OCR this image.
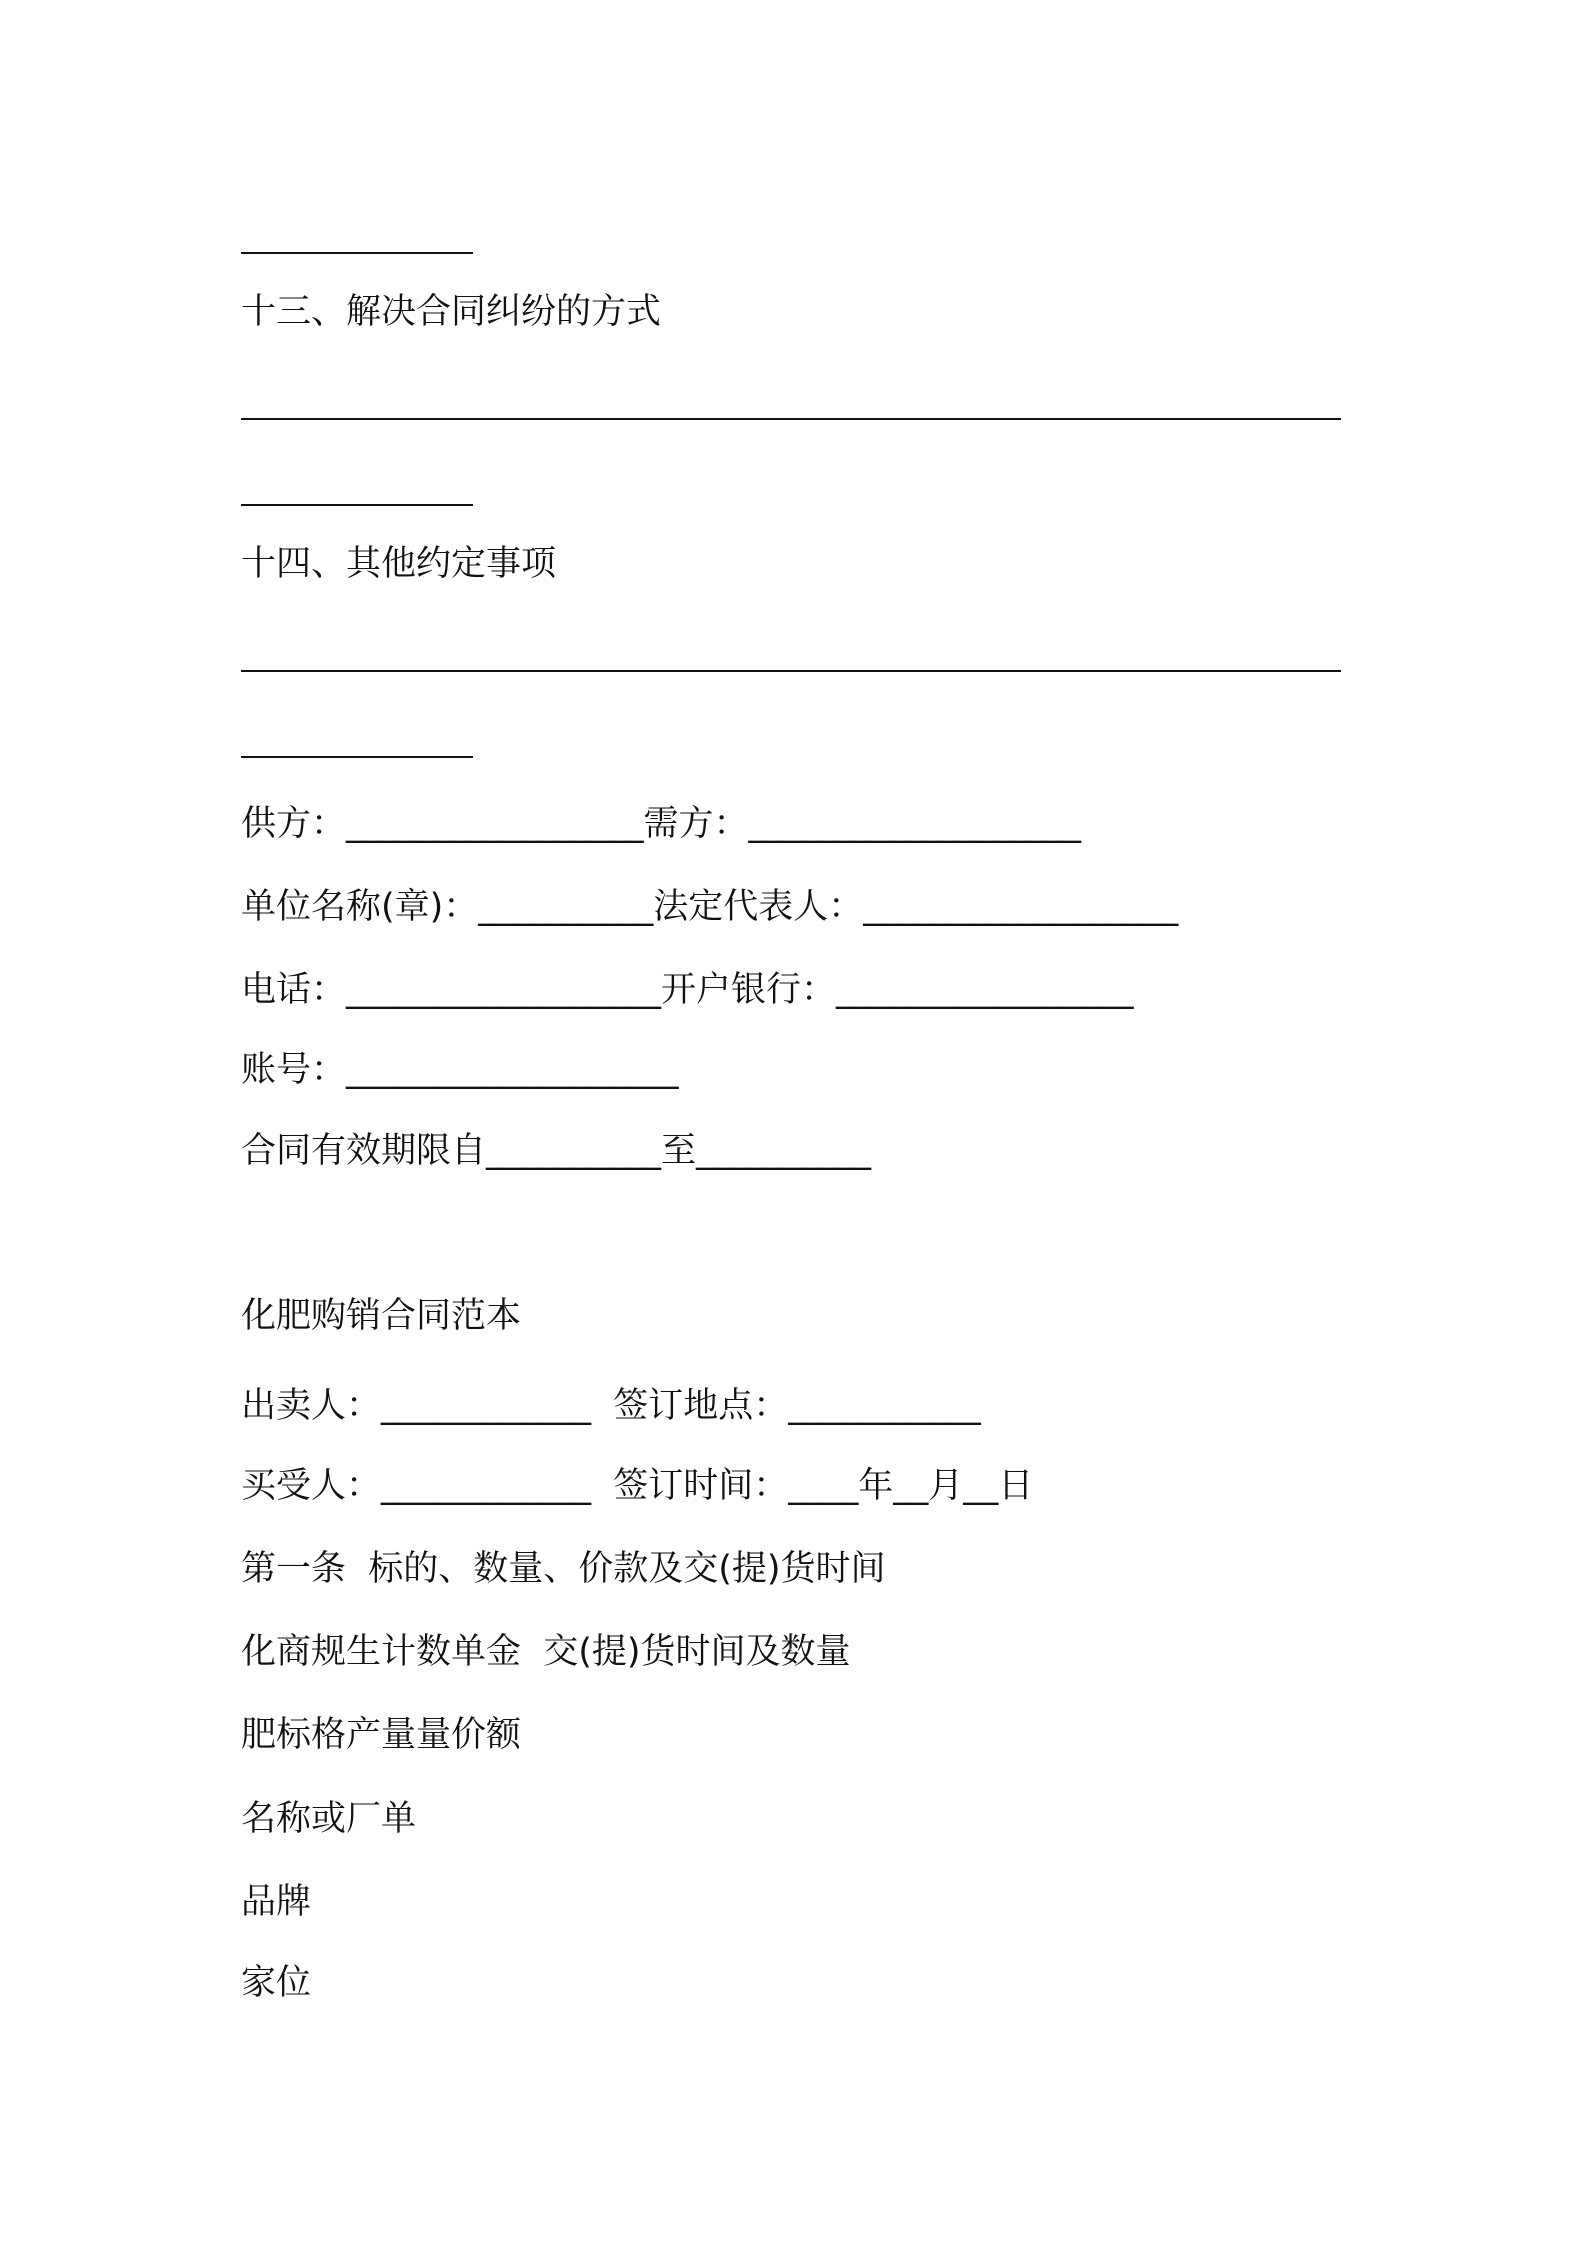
十三、解决合同纠纷的方式
十四、其他约定事项
供方：_________________需方：___________________
单位名称(章)：__________法定代表人：__________________
电话：__________________开户银行：_________________
账号：___________________
合同有效期限自__________至__________
化肥购销合同范本
出卖人：____________  签订地点：___________
买受人：____________  签订时间：____年__月__日
第一条  标的、数量、价款及交(提)货时间
化商规生计数单金  交(提)货时间及数量
肥标格产量量价额
名称或厂单
品牌
家位
